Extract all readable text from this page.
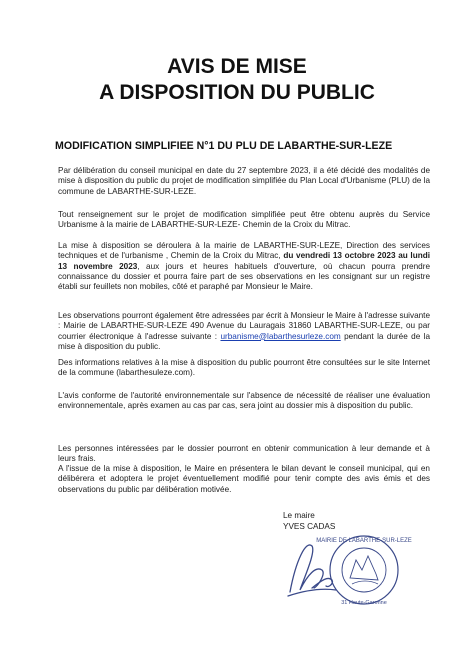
AVIS DE MISE
A DISPOSITION DU PUBLIC
MODIFICATION SIMPLIFIEE N°1 DU PLU DE LABARTHE-SUR-LEZE
Par délibération du conseil municipal en date du 27 septembre 2023, il a été décidé des modalités de mise à disposition du public du projet de modification simplifiée du Plan Local d'Urbanisme (PLU) de la commune de LABARTHE-SUR-LEZE.
Tout renseignement sur le projet de modification simplifiée peut être obtenu auprès du Service Urbanisme à la mairie de LABARTHE-SUR-LEZE- Chemin de la Croix du Mitrac.
La mise à disposition se déroulera à la mairie de LABARTHE-SUR-LEZE, Direction des services techniques et de l'urbanisme , Chemin de la Croix du Mitrac, du vendredi 13 octobre 2023 au lundi 13 novembre 2023, aux jours et heures habituels d'ouverture, où chacun pourra prendre connaissance du dossier et pourra faire part de ses observations en les consignant sur un registre établi sur feuillets non mobiles, côté et paraphé par Monsieur le Maire.
Les observations pourront également être adressées par écrit à Monsieur le Maire à l'adresse suivante : Mairie de LABARTHE-SUR-LEZE 490 Avenue du Lauragais 31860 LABARTHE-SUR-LEZE, ou par courrier électronique à l'adresse suivante : urbanisme@labarthesurleze.com pendant la durée de la mise à disposition du public.
Des informations relatives à la mise à disposition du public pourront être consultées sur le site Internet de la commune (labarthesuleze.com).
L'avis conforme de l'autorité environnementale sur l'absence de nécessité de réaliser une évaluation environnementale, après examen au cas par cas, sera joint au dossier mis à disposition du public.
Les personnes intéressées par le dossier pourront en obtenir communication à leur demande et à leurs frais.
A l'issue de la mise à disposition, le Maire en présentera le bilan devant le conseil municipal, qui en délibérera et adoptera le projet éventuellement modifié pour tenir compte des avis émis et des observations du public par délibération motivée.
Le maire
YVES CADAS
MAIRIE DE LABARTHE-SUR-LEZE
31 Haute-Garonne
